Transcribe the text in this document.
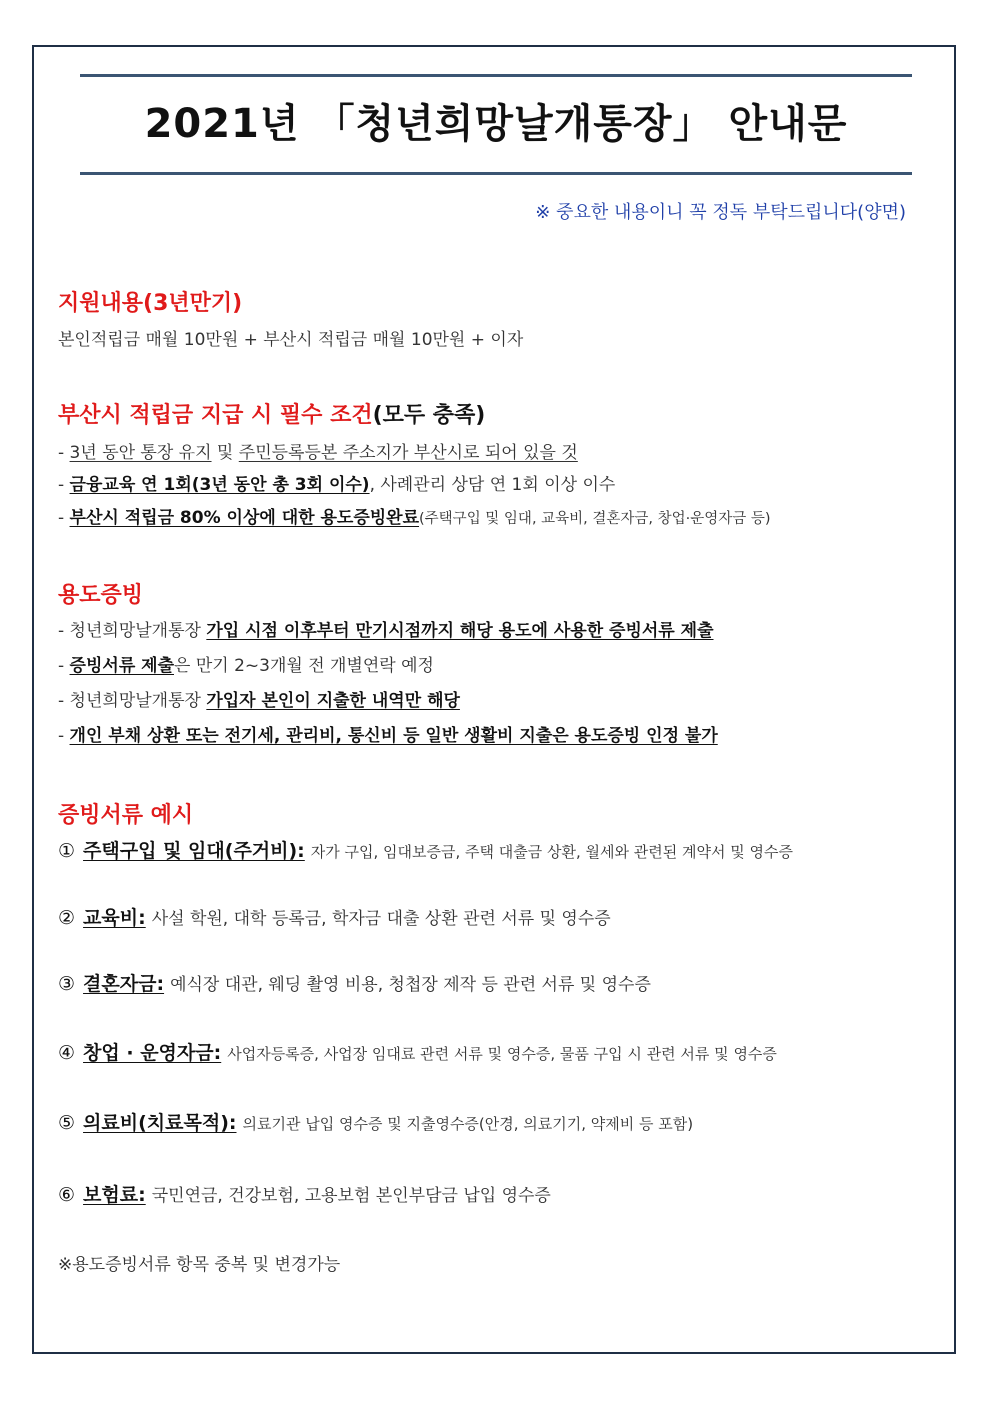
2021년 「청년희망날개통장」 안내문
※ 중요한 내용이니 꼭 정독 부탁드립니다(양면)
지원내용(3년만기)
본인적립금 매월 10만원 + 부산시 적립금 매월 10만원 + 이자
부산시 적립금 지급 시 필수 조건(모두 충족)
- 3년 동안 통장 유지 및 주민등록등본 주소지가 부산시로 되어 있을 것
- 금융교육 연 1회(3년 동안 총 3회 이수), 사례관리 상담 연 1회 이상 이수
- 부산시 적립금 80% 이상에 대한 용도증빙완료(주택구입 및 임대, 교육비, 결혼자금, 창업·운영자금 등)
용도증빙
- 청년희망날개통장 가입 시점 이후부터 만기시점까지 해당 용도에 사용한 증빙서류 제출
- 증빙서류 제출은 만기 2~3개월 전 개별연락 예정
- 청년희망날개통장 가입자 본인이 지출한 내역만 해당
- 개인 부채 상환 또는 전기세, 관리비, 통신비 등 일반 생활비 지출은 용도증빙 인정 불가
증빙서류 예시
① 주택구입 및 임대(주거비): 자가 구입, 임대보증금, 주택 대출금 상환, 월세와 관련된 계약서 및 영수증
② 교육비: 사설 학원, 대학 등록금, 학자금 대출 상환 관련 서류 및 영수증
③ 결혼자금: 예식장 대관, 웨딩 촬영 비용, 청첩장 제작 등 관련 서류 및 영수증
④ 창업 · 운영자금: 사업자등록증, 사업장 임대료 관련 서류 및 영수증, 물품 구입 시 관련 서류 및 영수증
⑤ 의료비(치료목적): 의료기관 납입 영수증 및 지출영수증(안경, 의료기기, 약제비 등 포함)
⑥ 보험료: 국민연금, 건강보험, 고용보험 본인부담금 납입 영수증
※용도증빙서류 항목 중복 및 변경가능
